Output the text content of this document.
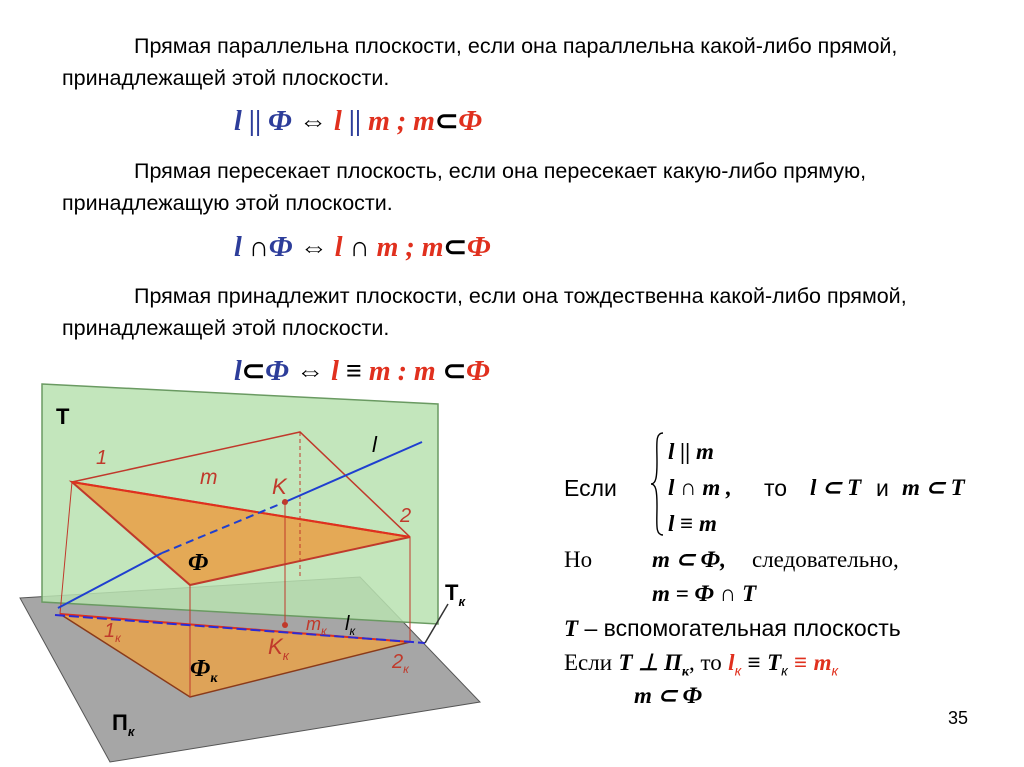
Прямая параллельна плоскости, если она параллельна какой-либо прямой, принадлежащей этой плоскости.
l || Ф ⇔ l || m ; m⊂Ф
Прямая пересекает плоскость, если она пересекает какую-либо прямую, принадлежащую этой плоскости.
l ∩Ф ⇔ l ∩ m ; m⊂Ф
Прямая принадлежит плоскости, если она тождественна какой-либо прямой, принадлежащей этой плоскости.
l⊂Ф ⇔ l ≡ m : m ⊂Ф
T
$T_к$
$П_к$
l
$l_к$
m
$m_к$
K
$K_к$
1
$1_к$
2
$2_к$
Ф
$Ф_к$
l || m
l ∩ m ,
l ≡ m
Если	то l ⊂ T и m ⊂ T
Но	m ⊂ Ф, следовательно,
m = Ф ∩ T
T – вспомогательная плоскость
Если T ⊥ $П_к$, то $l_к \equiv T_к \equiv m_к$
m ⊂ Ф
35
